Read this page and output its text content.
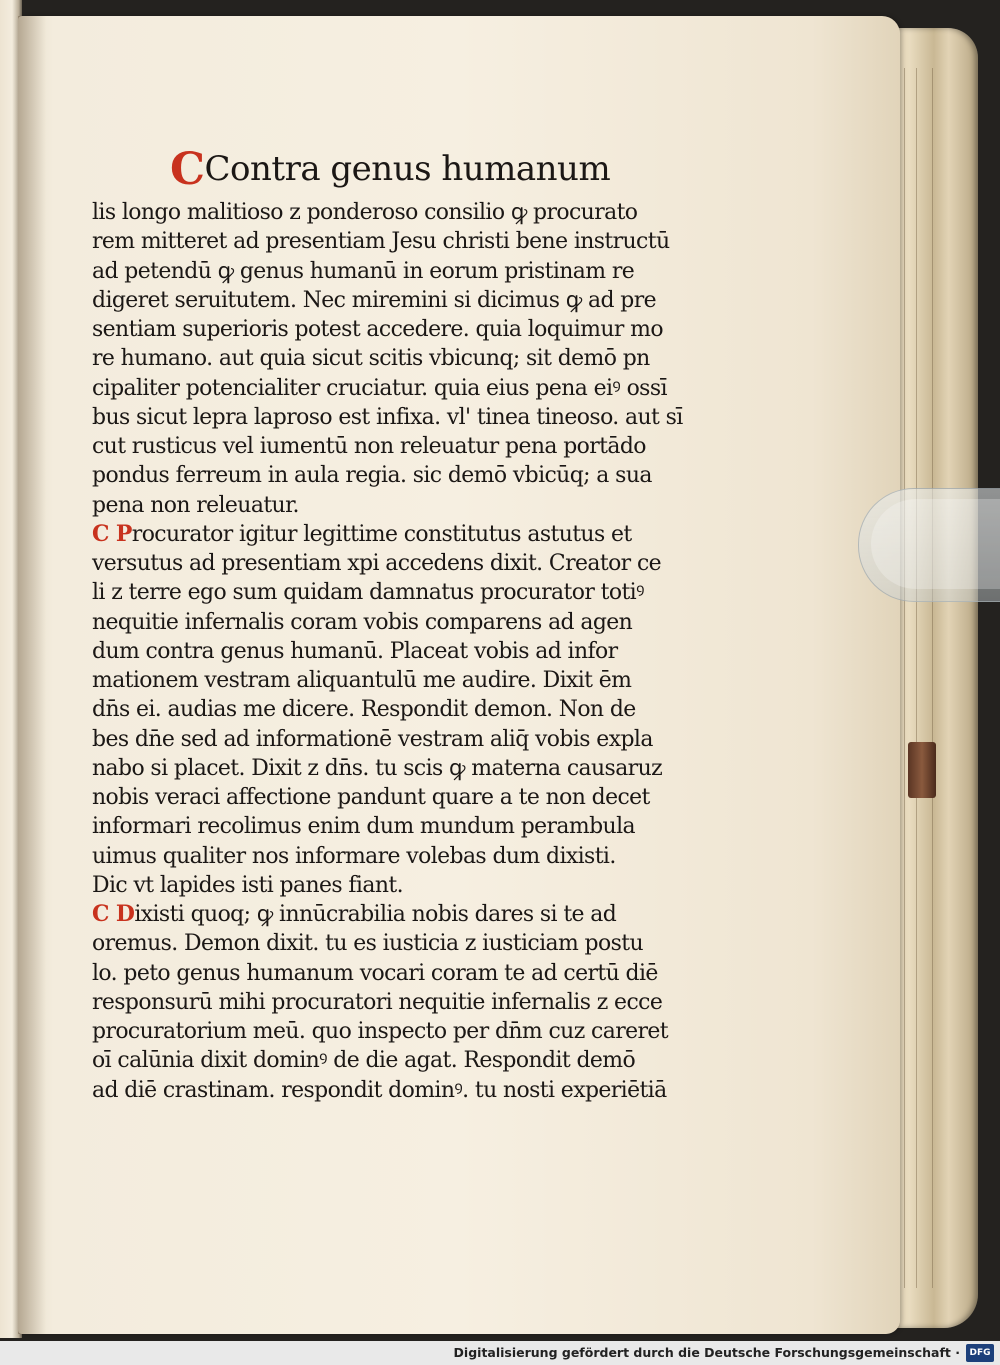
CContra genus humanum
lis longo malitioso z ponderoso consilio ꝙ procurato
rem mitteret ad presentiam Jesu christi bene instructū
ad petendū ꝙ genus humanū in eorum pristinam re
digeret seruitutem. Nec miremini si dicimus ꝙ ad pre
sentiam superioris potest accedere. quia loquimur mo
re humano. aut quia sicut scitis vbicunq; sit demō pn
cipaliter potencialiter cruciatur. quia eius pena eiꝰ ossī
bus sicut lepra laproso est infixa. vl' tinea tineoso. aut sī
cut rusticus vel iumentū non releuatur pena portādo
pondus ferreum in aula regia. sic demō vbicūq; a sua
pena non releuatur.
C Procurator igitur legittime constitutus astutus et
versutus ad presentiam xpi accedens dixit. Creator ce
li z terre ego sum quidam damnatus procurator totiꝰ
nequitie infernalis coram vobis comparens ad agen
dum contra genus humanū. Placeat vobis ad infor
mationem vestram aliquantulū me audire. Dixit ēm
dn̄s ei. audias me dicere. Respondit demon. Non de
bes dn̄e sed ad informationē vestram aliq̄ vobis expla
nabo si placet. Dixit z dn̄s. tu scis ꝙ materna causaruz
nobis veraci affectione pandunt quare a te non decet
informari recolimus enim dum mundum perambula
uimus qualiter nos informare volebas dum dixisti.
Dic vt lapides isti panes fiant.
C Dixisti quoq; ꝙ innūcrabilia nobis dares si te ad
oremus. Demon dixit. tu es iusticia z iusticiam postu
lo. peto genus humanum vocari coram te ad certū diē
responsurū mihi procuratori nequitie infernalis z ecce
procuratorium meū. quo inspecto per dn̄m cuz careret
oī calūnia dixit dominꝰ de die agat. Respondit demō
ad diē crastinam. respondit dominꝰ. tu nosti experiētiā
Digitalisierung gefördert durch die Deutsche Forschungsgemeinschaft ·	DFG
